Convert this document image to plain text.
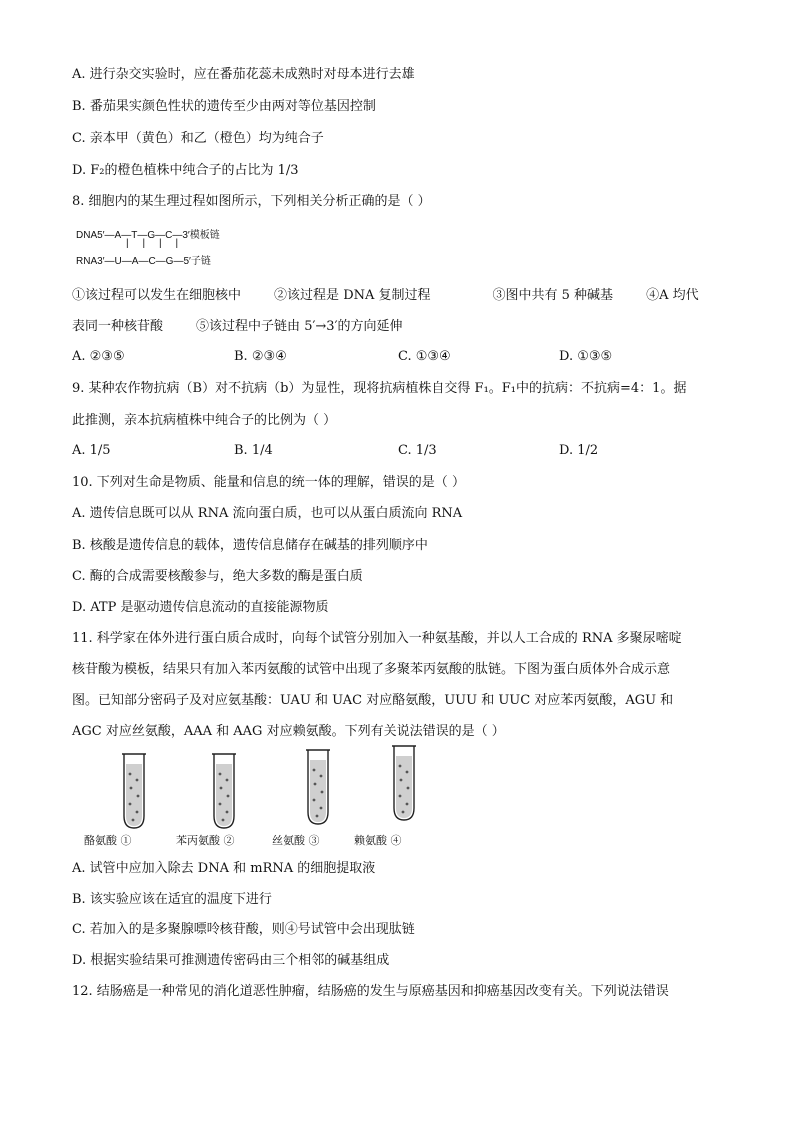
A. 进行杂交实验时，应在番茄花蕊未成熟时对母本进行去雄
B. 番茄果实颜色性状的遗传至少由两对等位基因控制
C. 亲本甲（黄色）和乙（橙色）均为纯合子
D. F₂的橙色植株中纯合子的占比为 1/3
8. 细胞内的某生理过程如图所示，下列相关分析正确的是（ ）
DNA5′—A—T—G—C—3′模板链
|     |     |     |
RNA3′—U—A—C—G—5′子链
①该过程可以发生在细胞核中        ②该过程是 DNA 复制过程               ③图中共有 5 种碱基        ④A 均代
表同一种核苷酸        ⑤该过程中子链由 5′→3′的方向延伸
A. ②③⑤	B. ②③④	C. ①③④	D. ①③⑤
9. 某种农作物抗病（B）对不抗病（b）为显性，现将抗病植株自交得 F₁。F₁中的抗病：不抗病=4：1。据
此推测，亲本抗病植株中纯合子的比例为（ ）
A. 1/5	B. 1/4	C. 1/3	D. 1/2
10. 下列对生命是物质、能量和信息的统一体的理解，错误的是（ ）
A. 遗传信息既可以从 RNA 流向蛋白质，也可以从蛋白质流向 RNA
B. 核酸是遗传信息的载体，遗传信息储存在碱基的排列顺序中
C. 酶的合成需要核酸参与，绝大多数的酶是蛋白质
D. ATP 是驱动遗传信息流动的直接能源物质
11. 科学家在体外进行蛋白质合成时，向每个试管分别加入一种氨基酸，并以人工合成的 RNA 多聚尿嘧啶
核苷酸为模板，结果只有加入苯丙氨酸的试管中出现了多聚苯丙氨酸的肽链。下图为蛋白质体外合成示意
图。已知部分密码子及对应氨基酸：UAU 和 UAC 对应酪氨酸，UUU 和 UUC 对应苯丙氨酸，AGU 和
AGC 对应丝氨酸，AAA 和 AAG 对应赖氨酸。下列有关说法错误的是（ ）
酪氨酸 ①	苯丙氨酸 ②	丝氨酸 ③	赖氨酸 ④
A. 试管中应加入除去 DNA 和 mRNA 的细胞提取液
B. 该实验应该在适宜的温度下进行
C. 若加入的是多聚腺嘌呤核苷酸，则④号试管中会出现肽链
D. 根据实验结果可推测遗传密码由三个相邻的碱基组成
12. 结肠癌是一种常见的消化道恶性肿瘤，结肠癌的发生与原癌基因和抑癌基因改变有关。下列说法错误
